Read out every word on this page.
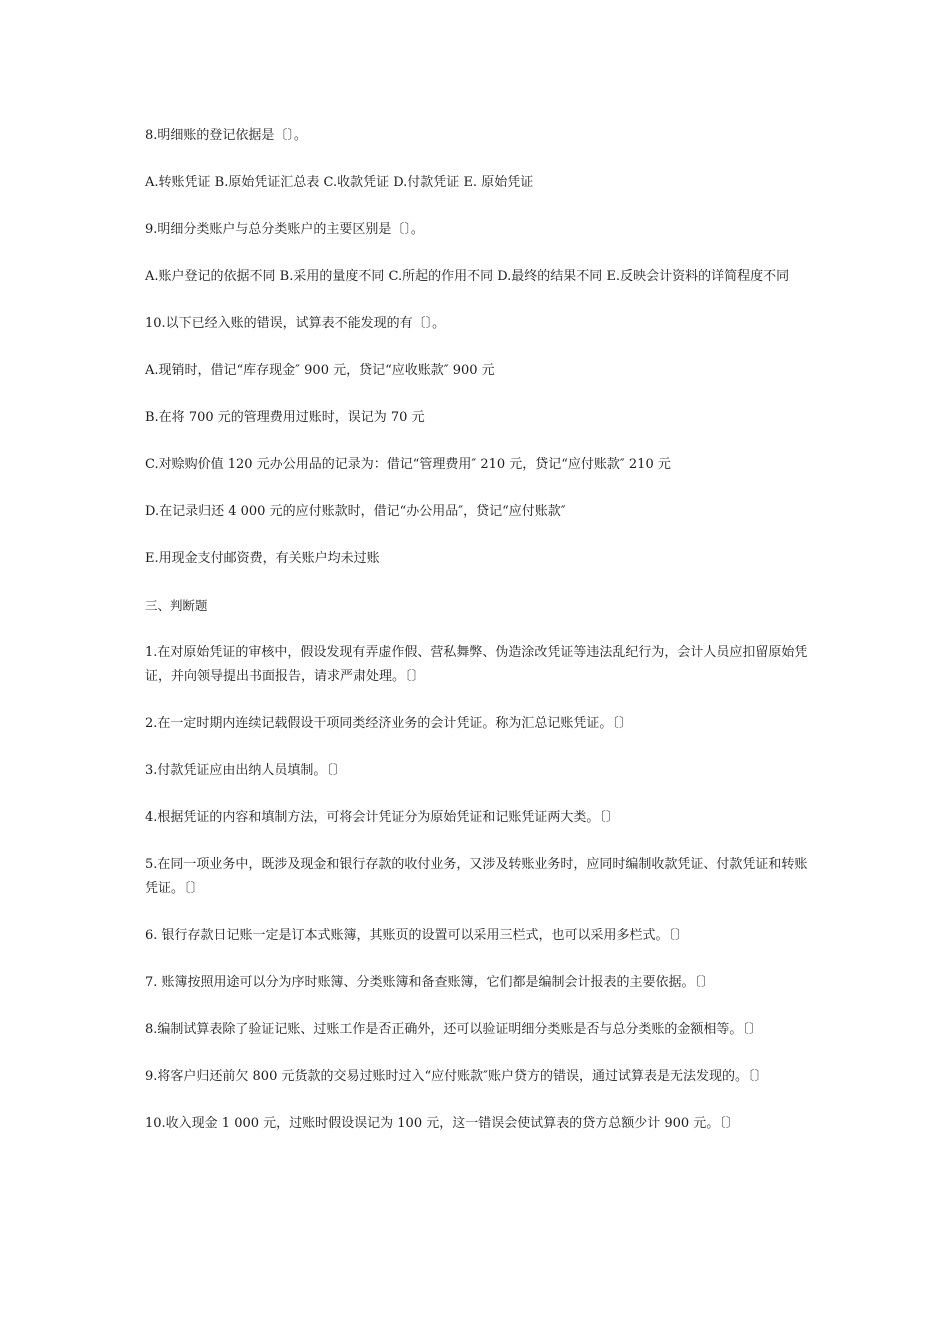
8.明细账的登记依据是〔〕。

A.转账凭证 B.原始凭证汇总表 C.收款凭证 D.付款凭证 E. 原始凭证

9.明细分类账户与总分类账户的主要区别是〔〕。

A.账户登记的依据不同 B.采用的量度不同 C.所起的作用不同 D.最终的结果不同 E.反映会计资料的详简程度不同

10.以下已经入账的错误，试算表不能发现的有〔〕。

A.现销时，借记“库存现金″ 900 元，贷记“应收账款″ 900 元

B.在将 700 元的管理费用过账时，误记为 70 元

C.对赊购价值 120 元办公用品的记录为：借记“管理费用″ 210 元，贷记“应付账款″ 210 元

D.在记录归还 4 000 元的应付账款时，借记“办公用品″，贷记“应付账款″

E.用现金支付邮资费，有关账户均未过账

三、判断题

1.在对原始凭证的审核中，假设发现有弄虚作假、营私舞弊、伪造涂改凭证等违法乱纪行为，会计人员应扣留原始凭证，并向领导提出书面报告，请求严肃处理。〔〕

2.在一定时期内连续记载假设干项同类经济业务的会计凭证。称为汇总记账凭证。〔〕

3.付款凭证应由出纳人员填制。〔〕

4.根据凭证的内容和填制方法，可将会计凭证分为原始凭证和记账凭证两大类。〔〕

5.在同一项业务中，既涉及现金和银行存款的收付业务，又涉及转账业务时，应同时编制收款凭证、付款凭证和转账凭证。〔〕

6. 银行存款日记账一定是订本式账簿，其账页的设置可以采用三栏式，也可以采用多栏式。〔〕

7. 账簿按照用途可以分为序时账簿、分类账簿和备查账簿，它们都是编制会计报表的主要依据。〔〕

8.编制试算表除了验证记账、过账工作是否正确外，还可以验证明细分类账是否与总分类账的金额相等。〔〕

9.将客户归还前欠 800 元货款的交易过账时过入“应付账款″账户贷方的错误，通过试算表是无法发现的。〔〕

10.收入现金 1 000 元，过账时假设误记为 100 元，这一错误会使试算表的贷方总额少计 900 元。〔〕
